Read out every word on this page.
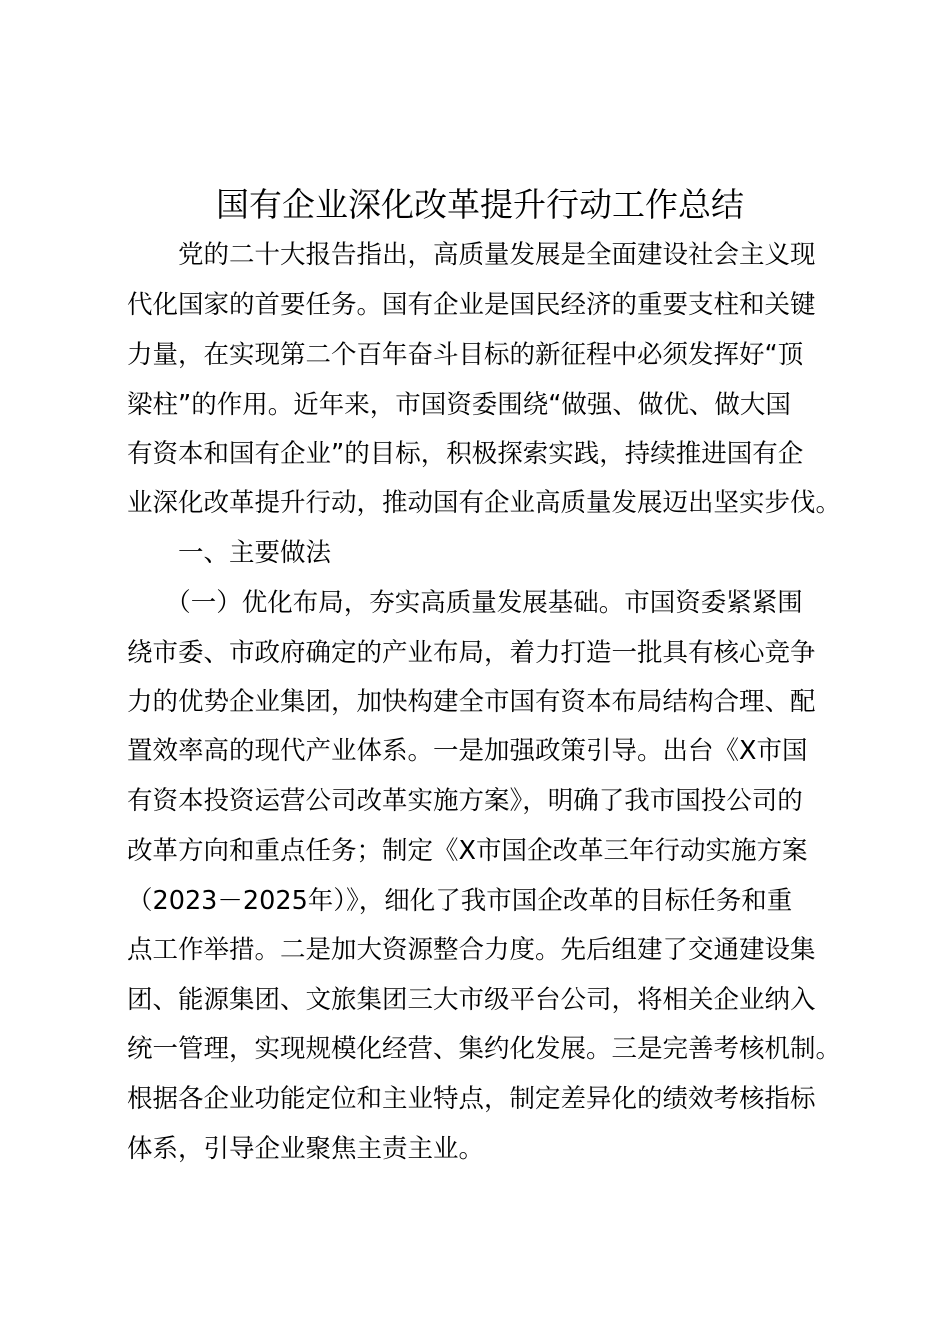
国有企业深化改革提升行动工作总结
　　党的二十大报告指出，高质量发展是全面建设社会主义现
代化国家的首要任务。国有企业是国民经济的重要支柱和关键
力量，在实现第二个百年奋斗目标的新征程中必须发挥好“顶
梁柱”的作用。近年来，市国资委围绕“做强、做优、做大国
有资本和国有企业”的目标，积极探索实践，持续推进国有企
业深化改革提升行动，推动国有企业高质量发展迈出坚实步伐。
　　一、主要做法
　　（一）优化布局，夯实高质量发展基础。市国资委紧紧围
绕市委、市政府确定的产业布局，着力打造一批具有核心竞争
力的优势企业集团，加快构建全市国有资本布局结构合理、配
置效率高的现代产业体系。一是加强政策引导。出台《X市国
有资本投资运营公司改革实施方案》，明确了我市国投公司的
改革方向和重点任务；制定《X市国企改革三年行动实施方案
（2023－2025年）》，细化了我市国企改革的目标任务和重
点工作举措。二是加大资源整合力度。先后组建了交通建设集
团、能源集团、文旅集团三大市级平台公司，将相关企业纳入
统一管理，实现规模化经营、集约化发展。三是完善考核机制。
根据各企业功能定位和主业特点，制定差异化的绩效考核指标
体系，引导企业聚焦主责主业。
